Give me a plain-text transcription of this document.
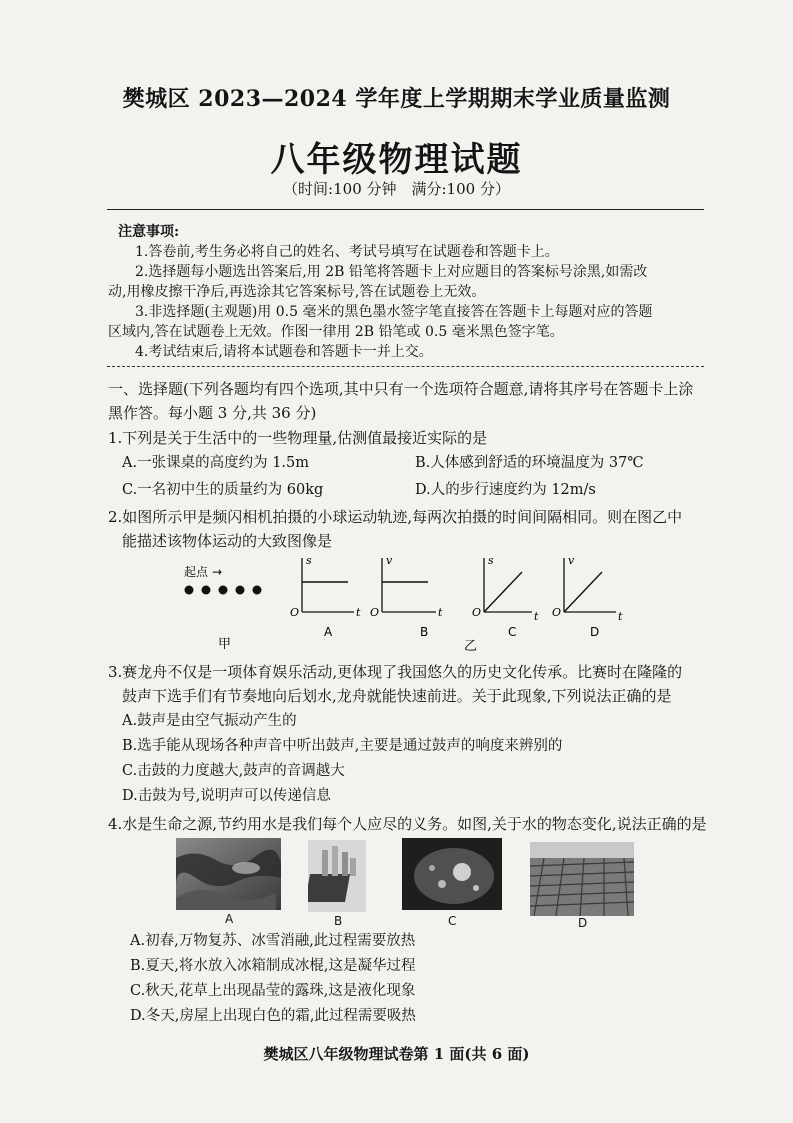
樊城区 2023—2024 学年度上学期期末学业质量监测
八年级物理试题
（时间:100 分钟　满分:100 分）
注意事项:
1.答卷前,考生务必将自己的姓名、考试号填写在试题卷和答题卡上。
2.选择题每小题选出答案后,用 2B 铅笔将答题卡上对应题目的答案标号涂黑,如需改
动,用橡皮擦干净后,再选涂其它答案标号,答在试题卷上无效。
3.非选择题(主观题)用 0.5 毫米的黑色墨水签字笔直接答在答题卡上每题对应的答题
区域内,答在试题卷上无效。作图一律用 2B 铅笔或 0.5 毫米黑色签字笔。
4.考试结束后,请将本试题卷和答题卡一并上交。
一、选择题(下列各题均有四个选项,其中只有一个选项符合题意,请将其序号在答题卡上涂
黑作答。每小题 3 分,共 36 分)
1.下列是关于生活中的一些物理量,估测值最接近实际的是
A.一张课桌的高度约为 1.5m	B.人体感到舒适的环境温度为 37℃
C.一名初中生的质量约为 60kg	D.人的步行速度约为 12m/s
2.如图所示甲是频闪相机拍摄的小球运动轨迹,每两次拍摄的时间间隔相同。则在图乙中
能描述该物体运动的大致图像是
起点 →
甲
s
t
O
A
v
t
O
B
s
t
O
C
v
t
O
D
乙
3.赛龙舟不仅是一项体育娱乐活动,更体现了我国悠久的历史文化传承。比赛时在隆隆的
鼓声下选手们有节奏地向后划水,龙舟就能快速前进。关于此现象,下列说法正确的是
A.鼓声是由空气振动产生的
B.选手能从现场各种声音中听出鼓声,主要是通过鼓声的响度来辨别的
C.击鼓的力度越大,鼓声的音调越大
D.击鼓为号,说明声可以传递信息
4.水是生命之源,节约用水是我们每个人应尽的义务。如图,关于水的物态变化,说法正确的是
A	B	C	D
A.初春,万物复苏、冰雪消融,此过程需要放热
B.夏天,将水放入冰箱制成冰棍,这是凝华过程
C.秋天,花草上出现晶莹的露珠,这是液化现象
D.冬天,房屋上出现白色的霜,此过程需要吸热
樊城区八年级物理试卷第 1 面(共 6 面)
